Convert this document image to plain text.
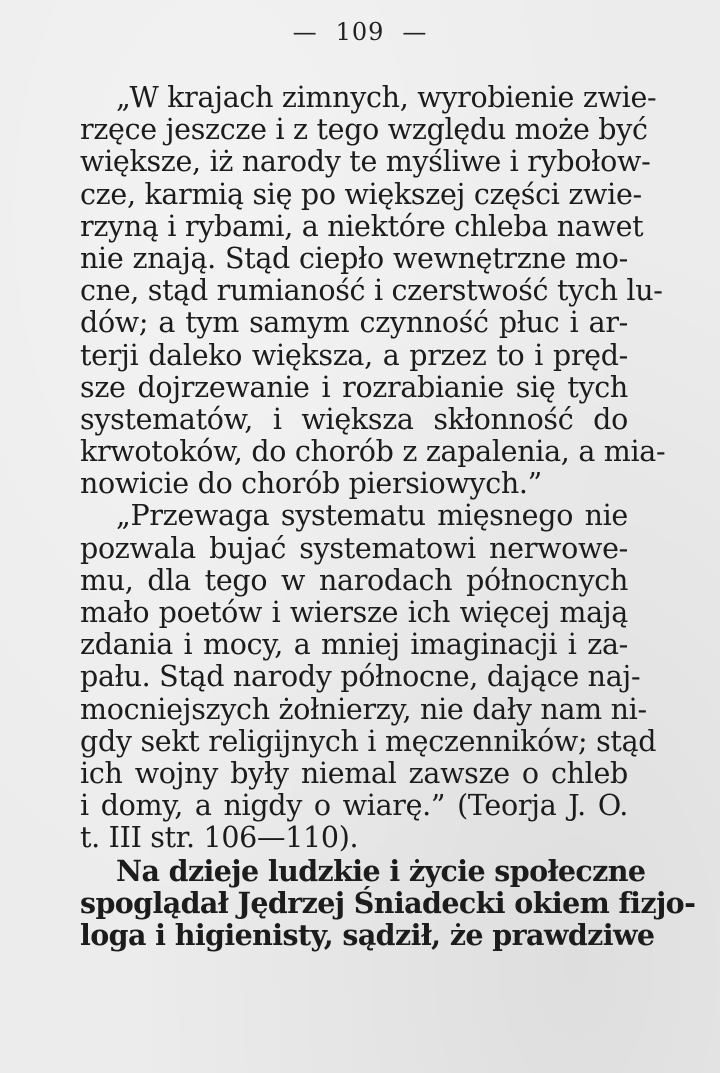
— 109 —
„W krajach zimnych, wyrobienie zwie-
rzęce jeszcze i z tego względu może być
większe, iż narody te myśliwe i rybołow-
cze, karmią się po większej części zwie-
rzyną i rybami, a niektóre chleba nawet
nie znają. Stąd ciepło wewnętrzne mo-
cne, stąd rumianość i czerstwość tych lu-
dów; a tym samym czynność płuc i ar-
terji daleko większa, a przez to i pręd-
sze dojrzewanie i rozrabianie się tych
systematów, i większa skłonność do
krwotoków, do chorób z zapalenia, a mia-
nowicie do chorób piersiowych.”
„Przewaga systematu mięsnego nie
pozwala bujać systematowi nerwowe-
mu, dla tego w narodach północnych
mało poetów i wiersze ich więcej mają
zdania i mocy, a mniej imaginacji i za-
pału. Stąd narody północne, dające naj-
mocniejszych żołnierzy, nie dały nam ni-
gdy sekt religijnych i męczenników; stąd
ich wojny były niemal zawsze o chleb
i domy, a nigdy o wiarę.” (Teorja J. O.
t. III str. 106—110).
Na dzieje ludzkie i życie społeczne
spoglądał Jędrzej Śniadecki okiem fizjo-
loga i higienisty, sądził, że prawdziwe
